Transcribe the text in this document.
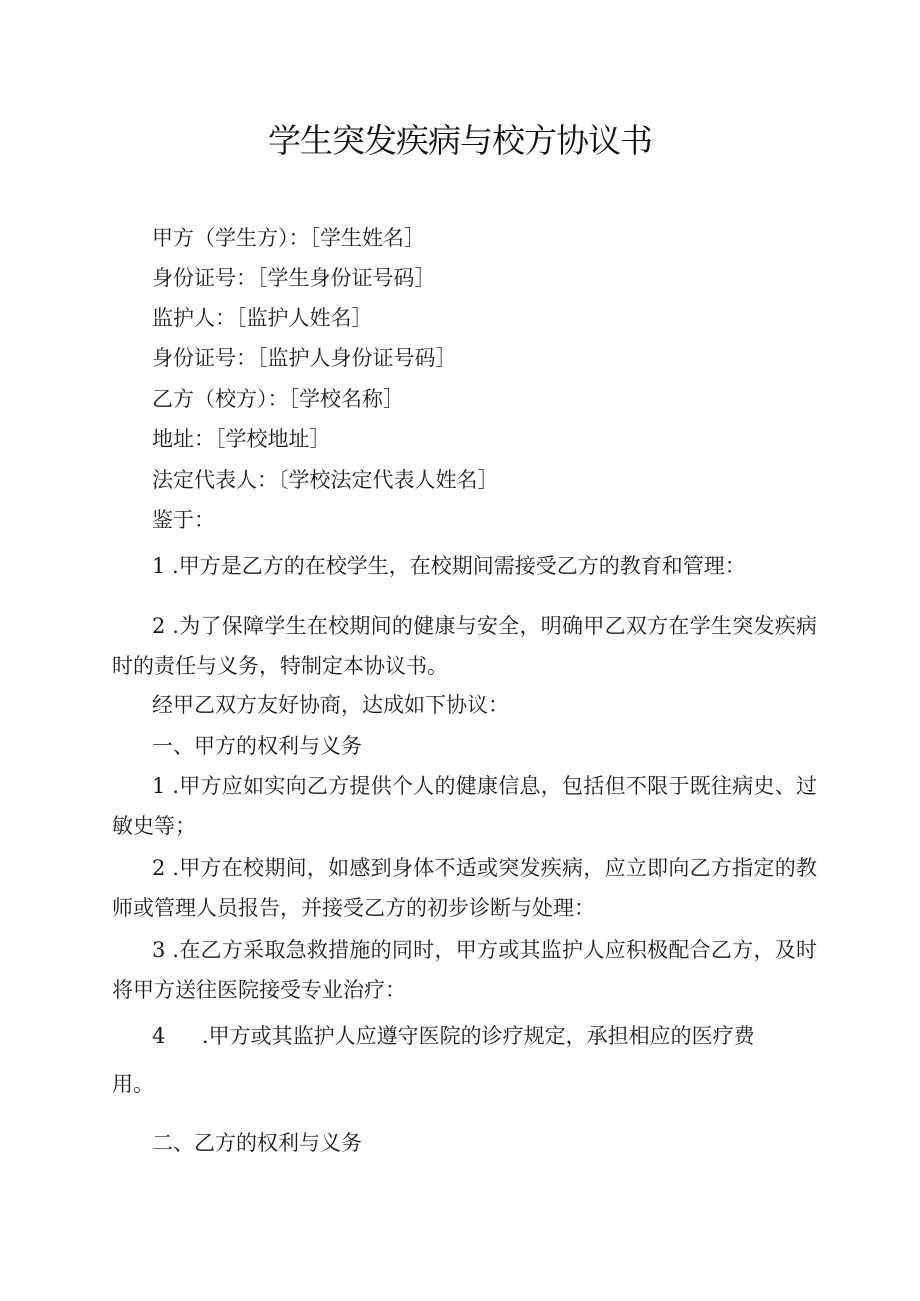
学生突发疾病与校方协议书
甲方（学生方）：［学生姓名］
身份证号：［学生身份证号码］
监护人：［监护人姓名］
身份证号：［监护人身份证号码］
乙方（校方）：［学校名称］
地址：［学校地址］
法定代表人：〔学校法定代表人姓名］
鉴于：
1 .甲方是乙方的在校学生，在校期间需接受乙方的教育和管理：
2 .为了保障学生在校期间的健康与安全，明确甲乙双方在学生突发疾病时的责任与义务，特制定本协议书。
经甲乙双方友好协商，达成如下协议：
一、甲方的权利与义务
1 .甲方应如实向乙方提供个人的健康信息，包括但不限于既往病史、过敏史等；
2 .甲方在校期间，如感到身体不适或突发疾病，应立即向乙方指定的教师或管理人员报告，并接受乙方的初步诊断与处理：
3 .在乙方采取急救措施的同时，甲方或其监护人应积极配合乙方，及时将甲方送往医院接受专业治疗：
4 .甲方或其监护人应遵守医院的诊疗规定，承担相应的医疗费
用。
二、乙方的权利与义务
